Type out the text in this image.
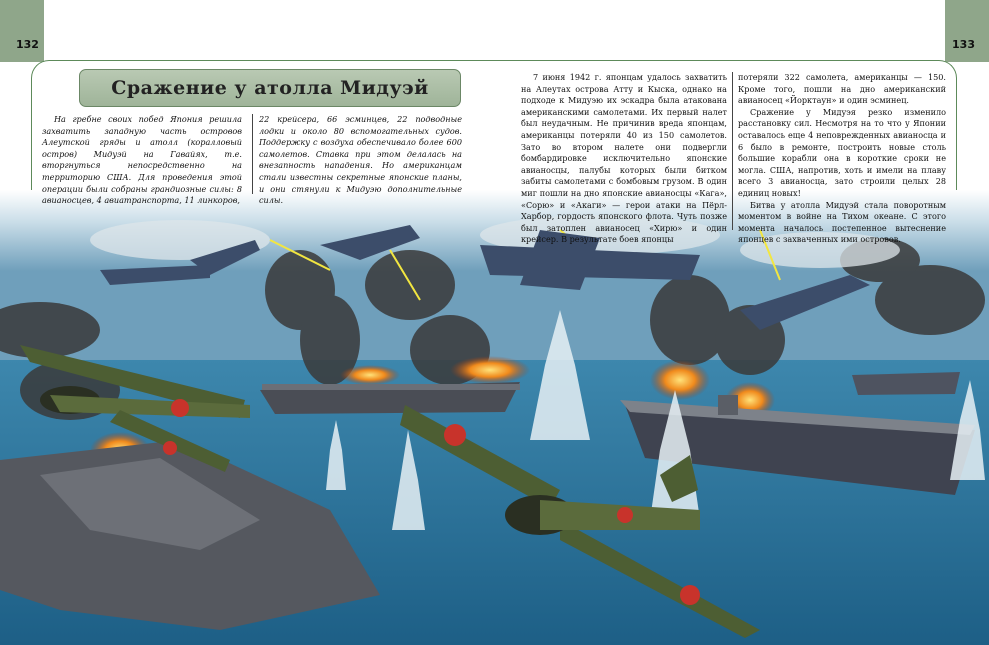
132	133
Сражение у атолла Мидуэй

На гребне своих побед Япония решила захватить западную часть островов Алеутской гряды и атолл (коралловый остров) Мидуэй на Гавайях, т.е. вторгнуться непосредственно на территорию США. Для проведения этой операции были собраны грандиозные силы: 8 авианосцев, 4 авиатранспорта, 11 линкоров,

22 крейсера, 66 эсминцев, 22 подводные лодки и около 80 вспомогательных судов. Поддержку с воздуха обеспечивало более 600 самолетов. Ставка при этом делалась на внезапность нападения. Но американцам стали известны секретные японские планы, и они стянули к Мидуэю дополнительные силы.

7 июня 1942 г. японцам удалось захватить на Алеутах острова Атту и Кыска, однако на подходе к Мидуэю их эскадра была атакована американскими самолетами. Их первый налет был неудачным. Не причинив вреда японцам, американцы потеряли 40 из 150 самолетов. Зато во втором налете они подвергли бомбардировке исключительно японские авианосцы, палубы которых были битком забиты самолетами с бомбовым грузом. В один миг пошли на дно японские авианосцы «Кага», «Сорю» и «Акаги» — герои атаки на Пёрл-Харбор, гордость японского флота. Чуть позже был затоплен авианосец «Хирю» и один крейсер. В результате боев японцы

потеряли 322 самолета, американцы — 150. Кроме того, пошли на дно американский авианосец «Йорктаун» и один эсминец.

Сражение у Мидуэя резко изменило расстановку сил. Несмотря на то что у Японии оставалось еще 4 неповрежденных авианосца и 6 было в ремонте, построить новые столь большие корабли она в короткие сроки не могла. США, напротив, хоть и имели на плаву всего 3 авианосца, зато строили целых 28 единиц новых!

Битва у атолла Мидуэй стала поворотным моментом в войне на Тихом океане. С этого момента началось постепенное вытеснение японцев с захваченных ими островов.
